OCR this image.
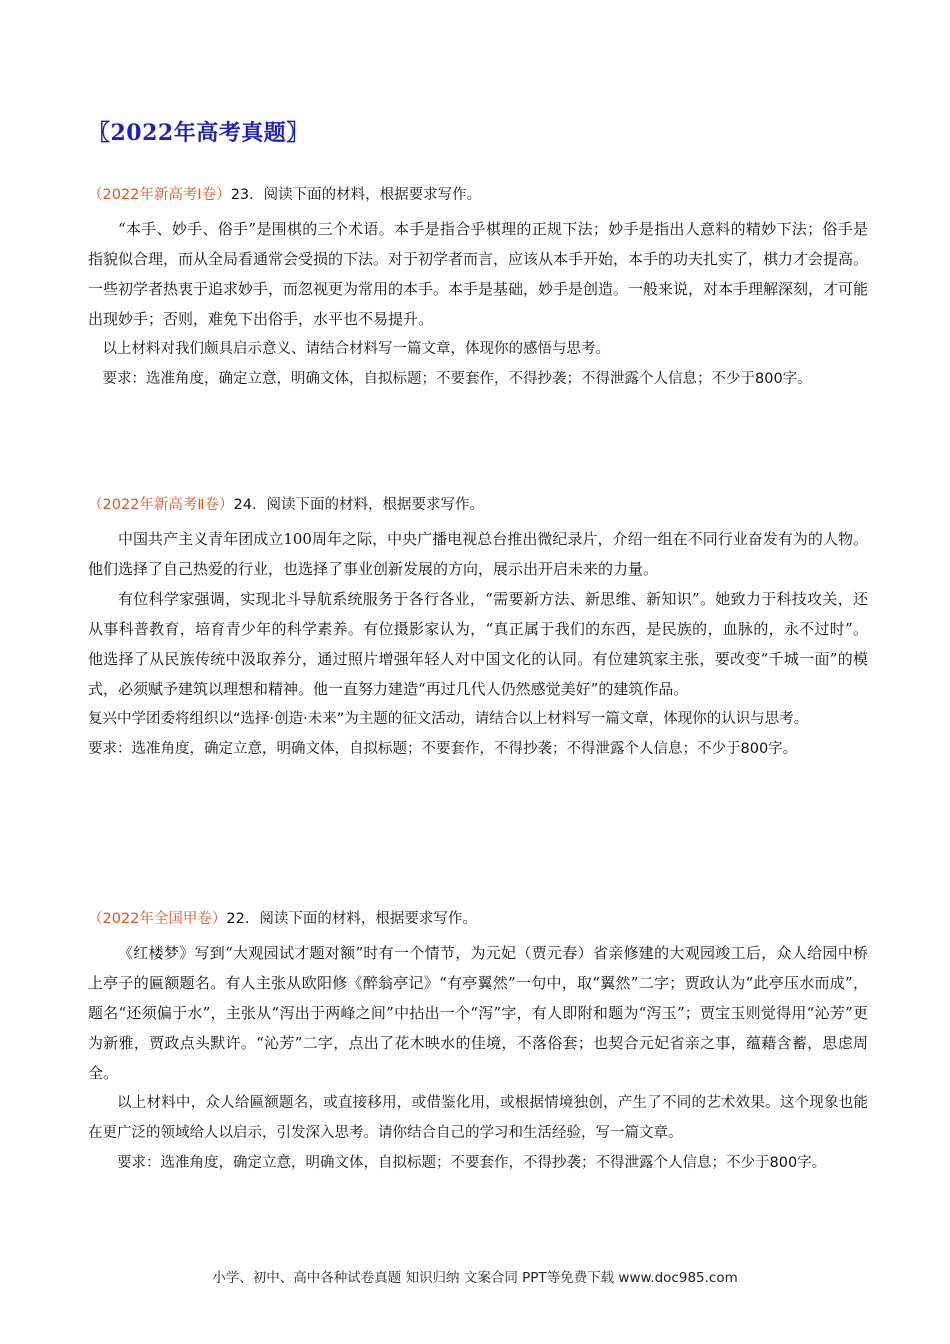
〖2022年高考真题〗
（2022年新高考Ⅰ卷）23．阅读下面的材料，根据要求写作。

“本手、妙手、俗手”是围棋的三个术语。本手是指合乎棋理的正规下法；妙手是指出人意料的精妙下法；俗手是指貌似合理，而从全局看通常会受损的下法。对于初学者而言，应该从本手开始，本手的功夫扎实了，棋力才会提高。一些初学者热衷于追求妙手，而忽视更为常用的本手。本手是基础，妙手是创造。一般来说，对本手理解深刻，才可能出现妙手；否则，难免下出俗手，水平也不易提升。

以上材料对我们颇具启示意义、请结合材料写一篇文章，体现你的感悟与思考。

要求：选准角度，确定立意，明确文体，自拟标题；不要套作，不得抄袭；不得泄露个人信息；不少于800字。

（2022年新高考Ⅱ卷）24．阅读下面的材料，根据要求写作。

中国共产主义青年团成立100周年之际，中央广播电视总台推出微纪录片，介绍一组在不同行业奋发有为的人物。他们选择了自己热爱的行业，也选择了事业创新发展的方向，展示出开启未来的力量。

有位科学家强调，实现北斗导航系统服务于各行各业，“需要新方法、新思维、新知识”。她致力于科技攻关，还从事科普教育，培育青少年的科学素养。有位摄影家认为，“真正属于我们的东西，是民族的，血脉的，永不过时”。他选择了从民族传统中汲取养分，通过照片增强年轻人对中国文化的认同。有位建筑家主张，要改变“千城一面”的模式，必须赋予建筑以理想和精神。他一直努力建造“再过几代人仍然感觉美好”的建筑作品。

复兴中学团委将组织以“选择·创造·未来”为主题的征文活动，请结合以上材料写一篇文章，体现你的认识与思考。

要求：选准角度，确定立意，明确文体，自拟标题；不要套作，不得抄袭；不得泄露个人信息；不少于800字。

（2022年全国甲卷）22．阅读下面的材料，根据要求写作。

《红楼梦》写到“大观园试才题对额”时有一个情节，为元妃（贾元春）省亲修建的大观园竣工后，众人给园中桥上亭子的匾额题名。有人主张从欧阳修《醉翁亭记》“有亭翼然”一句中，取“翼然”二字；贾政认为“此亭压水而成”，题名“还须偏于水”，主张从“泻出于两峰之间”中拈出一个“泻”字，有人即附和题为“泻玉”；贾宝玉则觉得用“沁芳”更为新雅，贾政点头默许。“沁芳”二字，点出了花木映水的佳境，不落俗套；也契合元妃省亲之事，蕴藉含蓄，思虑周全。

以上材料中，众人给匾额题名，或直接移用，或借鉴化用，或根据情境独创，产生了不同的艺术效果。这个现象也能在更广泛的领域给人以启示，引发深入思考。请你结合自己的学习和生活经验，写一篇文章。

要求：选准角度，确定立意，明确文体，自拟标题；不要套作，不得抄袭；不得泄露个人信息；不少于800字。

小学、初中、高中各种试卷真题 知识归纳 文案合同 PPT等免费下载 www.doc985.com
